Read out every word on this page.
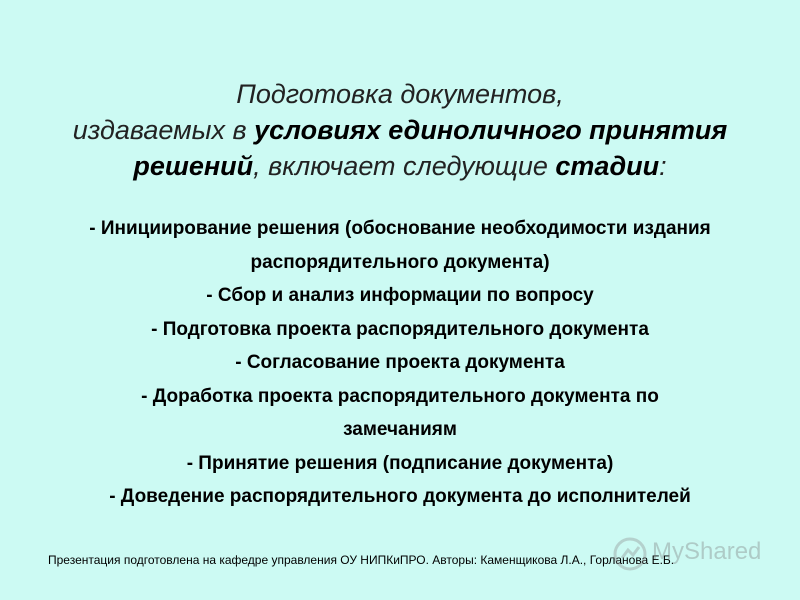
Подготовка документов,
издаваемых в условиях единоличного принятия
решений, включает следующие стадии:
- Инициирование решения (обоснование необходимости издания
распорядительного документа)
- Сбор и анализ информации по вопросу
- Подготовка проекта распорядительного документа
- Согласование проекта документа
- Доработка проекта распорядительного документа по
замечаниям
- Принятие решения (подписание документа)
- Доведение распорядительного документа до исполнителей
Презентация подготовлена на кафедре управления ОУ НИПКиПРО. Авторы: Каменщикова Л.А., Горланова Е.Б.
MyShared
